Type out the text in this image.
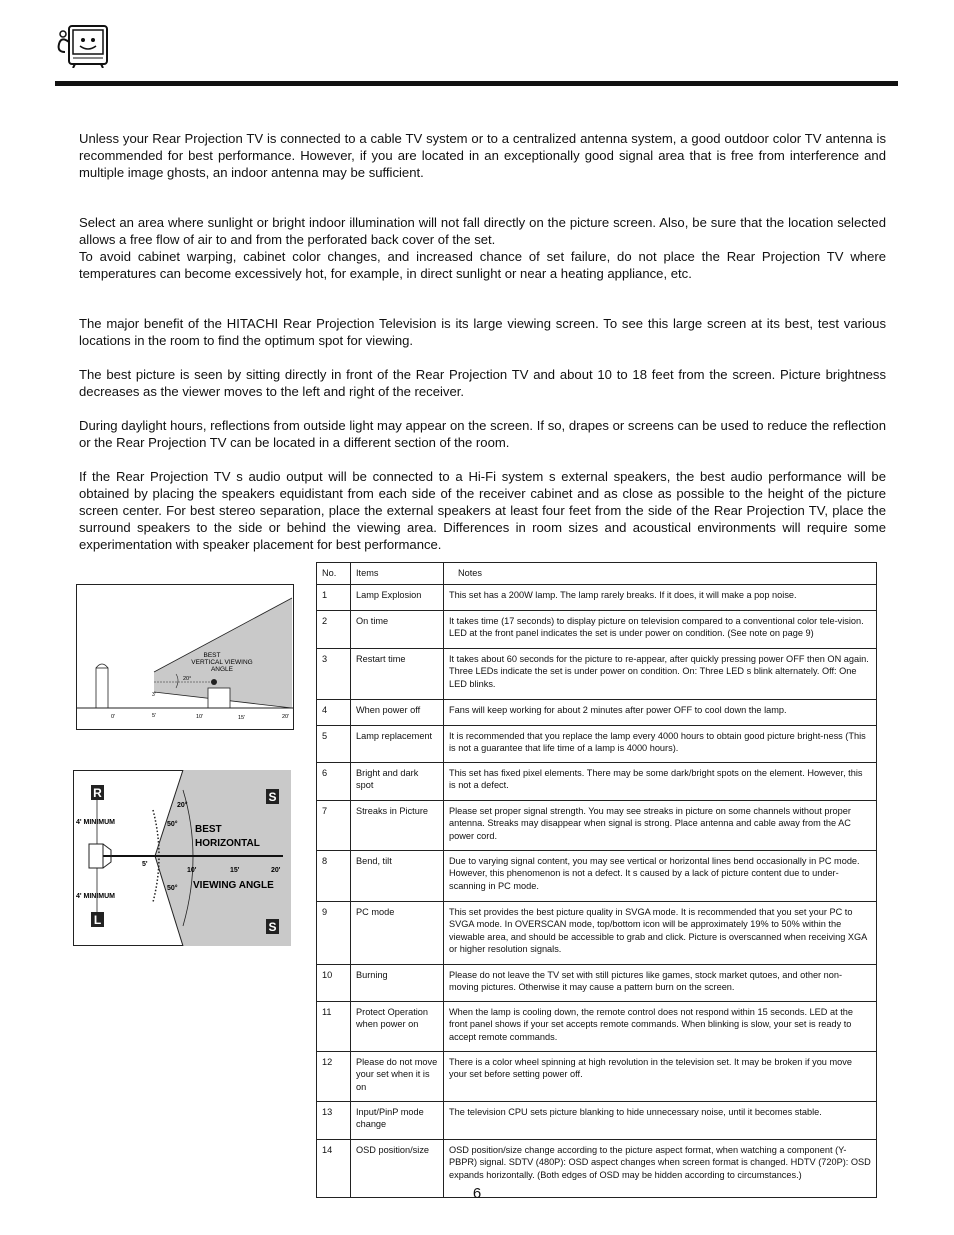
Unless your Rear Projection TV is connected to a cable TV system or to a centralized antenna system, a good outdoor color TV antenna is recommended for best performance. However, if you are located in an exceptionally good signal area that is free from interference and multiple image ghosts, an indoor antenna may be sufficient.

Select an area where sunlight or bright indoor illumination will not fall directly on the picture screen. Also, be sure that the location selected allows a free flow of air to and from the perforated back cover of the set.

To avoid cabinet warping, cabinet color changes, and increased chance of set failure, do not place the Rear Projection TV where temperatures can become excessively hot, for example, in direct sunlight or near a heating appliance, etc.

The major benefit of the HITACHI Rear Projection Television is its large viewing screen. To see this large screen at its best, test various locations in the room to find the optimum spot for viewing.

The best picture is seen by sitting directly in front of the Rear Projection TV and about 10 to 18 feet from the screen. Picture brightness decreases as the viewer moves to the left and right of the receiver.

During daylight hours, reflections from outside light may appear on the screen. If so, drapes or screens can be used to reduce the reflection or the Rear Projection TV can be located in a different section of the room.

If the Rear Projection TV s audio output will be connected to a Hi-Fi system s external speakers, the best audio performance will be obtained by placing the speakers equidistant from each side of the receiver cabinet and as close as possible to the height of the picture screen center. For best stereo separation, place the external speakers at least four feet from the side of the Rear Projection TV, place the surround speakers to the side or behind the viewing area. Differences in room sizes and acoustical environments will require some experimentation with speaker placement for best performance.

BEST
VERTICAL VIEWING
ANGLE
20°
3'
0'	5'	10'	15'	20'
R
L
S
S
4' MINIMUM
4' MINIMUM
BEST
HORIZONTAL
VIEWING ANGLE
20°
50°
50°
5'
10'	15'	20'
No.	Items	Notes
1	Lamp Explosion	This set has a 200W lamp. The lamp rarely breaks. If it does, it will make a pop noise.
2	On time	It takes time (17 seconds) to display picture on television compared to a conventional color tele-vision. LED at the front panel indicates the set is under power on condition. (See note on page 9)
3	Restart time	It takes about 60 seconds for the picture to re-appear, after quickly pressing power OFF then ON again. Three LEDs indicate the set is under power on condition. On: Three LED s blink alternately. Off: One LED blinks.
4	When power off	Fans will keep working for about 2 minutes after power OFF to cool down the lamp.
5	Lamp replacement	It is recommended that you replace the lamp every 4000 hours to obtain good picture bright-ness (This is not a guarantee that life time of a lamp is 4000 hours).
6	Bright and dark spot	This set has fixed pixel elements. There may be some dark/bright spots on the element. However, this is not a defect.
7	Streaks in Picture	Please set proper signal strength. You may see streaks in picture on some channels without proper antenna. Streaks may disappear when signal is strong. Place antenna and cable away from the AC power cord.
8	Bend, tilt	Due to varying signal content, you may see vertical or horizontal lines bend occasionally in PC mode. However, this phenomenon is not a defect. It s caused by a lack of picture content due to under-scanning in PC mode.
9	PC mode	This set provides the best picture quality in SVGA mode. It is recommended that you set your PC to SVGA mode. In OVERSCAN mode, top/bottom icon will be approximately 19% to 50% within the viewable area, and should be accessible to grab and click. Picture is overscanned when receiving XGA or higher resolution signals.
10	Burning	Please do not leave the TV set with still pictures like games, stock market qutoes, and other non-moving pictures. Otherwise it may cause a pattern burn on the screen.
11	Protect Operation when power on	When the lamp is cooling down, the remote control does not respond within 15 seconds. LED at the front panel shows if your set accepts remote commands. When blinking is slow, your set is ready to accept remote commands.
12	Please do not move your set when it is on	There is a color wheel spinning at high revolution in the television set. It may be broken if you move your set before setting power off.
13	Input/PinP mode change	The television CPU sets picture blanking to hide unnecessary noise, until it becomes stable.
14	OSD position/size	OSD position/size change according to the picture aspect format, when watching a component (Y-PBPR) signal. SDTV (480P): OSD aspect changes when screen format is changed. HDTV (720P): OSD expands horizontally. (Both edges of OSD may be hidden according to circumstances.)
6
